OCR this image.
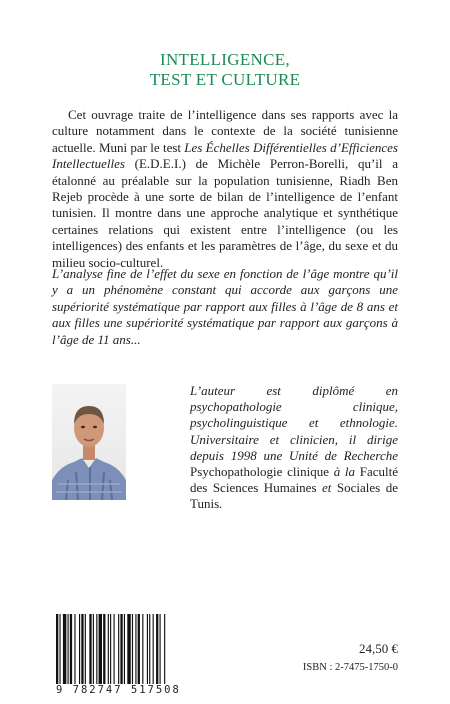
INTELLIGENCE,
TEST ET CULTURE
Cet ouvrage traite de l’intelligence dans ses rapports avec la culture notamment dans le contexte de la société tunisienne actuelle. Muni par le test Les Échelles Différentielles d’Efficiences Intellectuelles (E.D.E.I.) de Michèle Perron-Borelli, qu’il a étalonné au préalable sur la population tunisienne, Riadh Ben Rejeb procède à une sorte de bilan de l’intelligence de l’enfant tunisien. Il montre dans une approche analytique et synthétique certaines relations qui existent entre l’intelligence (ou les intelligences) des enfants et les paramètres de l’âge, du sexe et du milieu socio-culturel.
L’analyse fine de l’effet du sexe en fonction de l’âge montre qu’il y a un phénomène constant qui accorde aux garçons une supériorité systématique par rapport aux filles à l’âge de 8 ans et aux filles une supériorité systématique par rapport aux garçons à l’âge de 11 ans...
L’auteur est diplômé en psychopathologie clinique, psycholinguistique et ethnologie. Universitaire et clinicien, il dirige depuis 1998 une Unité de Recherche Psychopathologie clinique à la Faculté des Sciences Humaines et Sociales de Tunis.
9 782747 517508
24,50 €
ISBN : 2-7475-1750-0
